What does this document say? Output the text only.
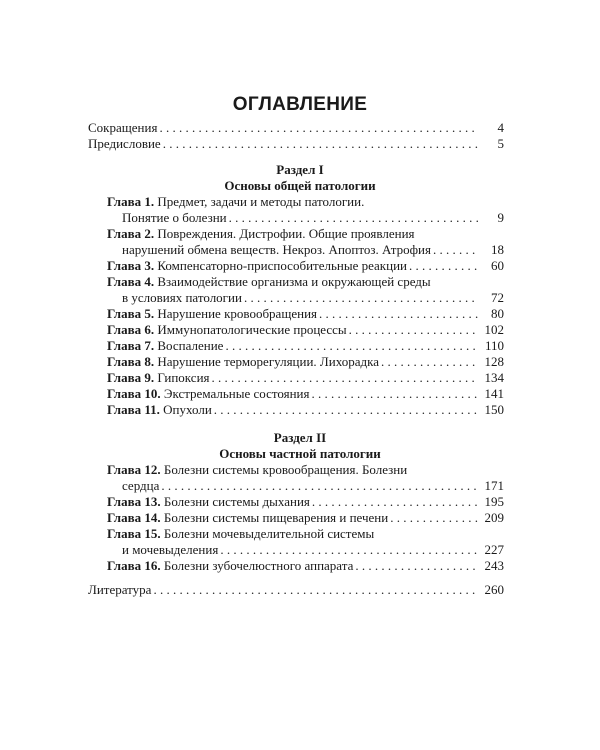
ОГЛАВЛЕНИЕ
Сокращения . . .	4
Предисловие . . .	5
Раздел I
Основы общей патологии
Глава 1. Предмет, задачи и методы патологии.
Понятие о болезни . . .	9
Глава 2. Повреждения. Дистрофии. Общие проявления
нарушений обмена веществ. Некроз. Апоптоз. Атрофия . . .	18
Глава 3. Компенсаторно-приспособительные реакции . . .	60
Глава 4. Взаимодействие организма и окружающей среды
в условиях патологии . . .	72
Глава 5. Нарушение кровообращения . . .	80
Глава 6. Иммунопатологические процессы . . .	102
Глава 7. Воспаление . . .	110
Глава 8. Нарушение терморегуляции. Лихорадка . . .	128
Глава 9. Гипоксия . . .	134
Глава 10. Экстремальные состояния . . .	141
Глава 11. Опухоли . . .	150
Раздел II
Основы частной патологии
Глава 12. Болезни системы кровообращения. Болезни
сердца . . .	171
Глава 13. Болезни системы дыхания . . .	195
Глава 14. Болезни системы пищеварения и печени . . .	209
Глава 15. Болезни мочевыделительной системы
и мочевыделения . . .	227
Глава 16. Болезни зубочелюстного аппарата . . .	243
Литература . . .	260
